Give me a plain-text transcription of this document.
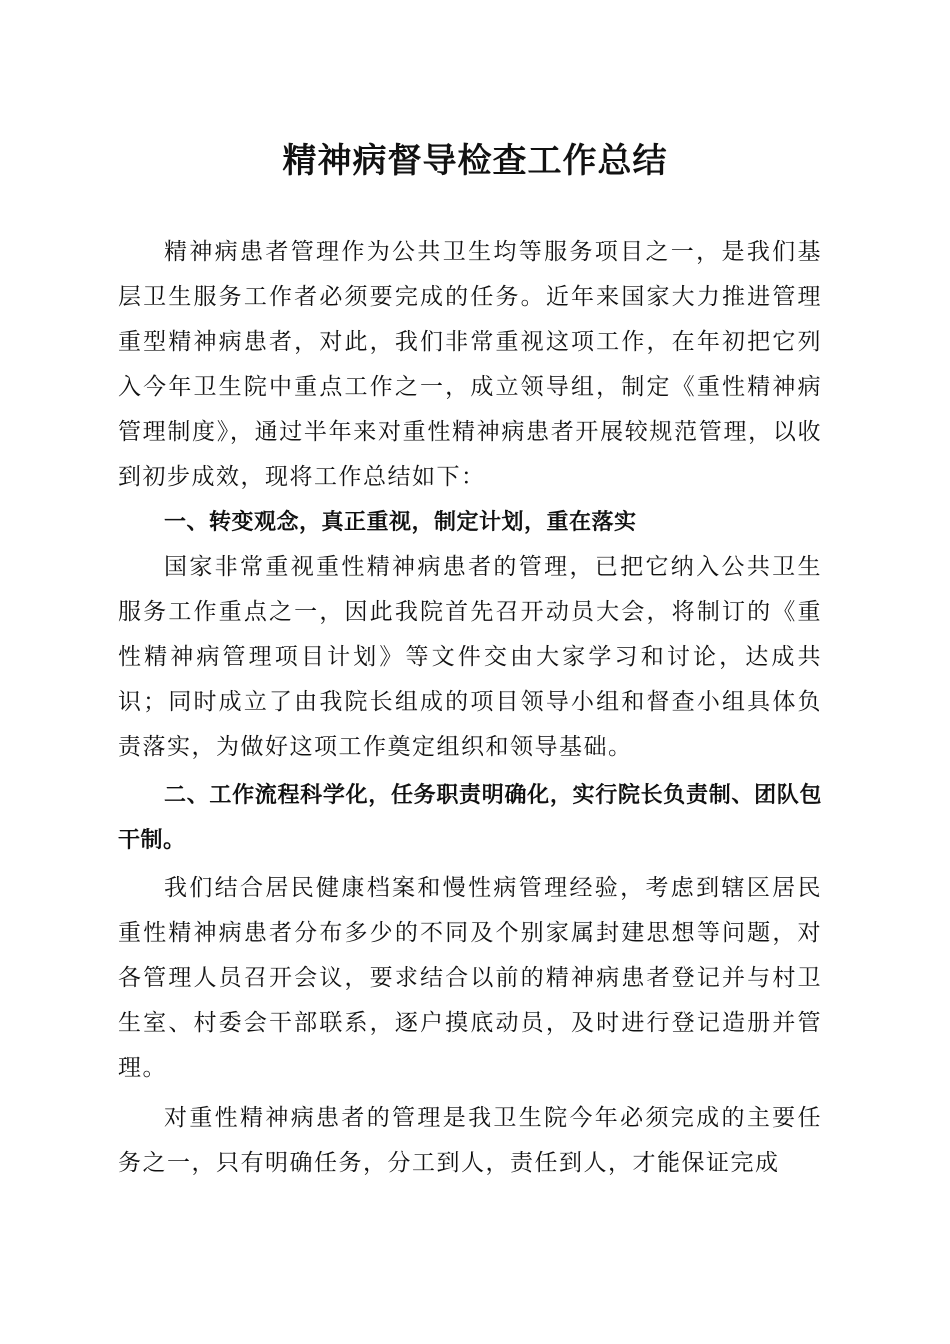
精神病督导检查工作总结

精神病患者管理作为公共卫生均等服务项目之一，是我们基层卫生服务工作者必须要完成的任务。近年来国家大力推进管理重型精神病患者，对此，我们非常重视这项工作，在年初把它列入今年卫生院中重点工作之一，成立领导组，制定《重性精神病管理制度》，通过半年来对重性精神病患者开展较规范管理，以收到初步成效，现将工作总结如下：

一、转变观念，真正重视，制定计划，重在落实

国家非常重视重性精神病患者的管理，已把它纳入公共卫生服务工作重点之一，因此我院首先召开动员大会，将制订的《重性精神病管理项目计划》等文件交由大家学习和讨论，达成共识；同时成立了由我院长组成的项目领导小组和督查小组具体负责落实，为做好这项工作奠定组织和领导基础。

二、工作流程科学化，任务职责明确化，实行院长负责制、团队包干制。

我们结合居民健康档案和慢性病管理经验，考虑到辖区居民重性精神病患者分布多少的不同及个别家属封建思想等问题，对各管理人员召开会议，要求结合以前的精神病患者登记并与村卫生室、村委会干部联系，逐户摸底动员，及时进行登记造册并管理。

对重性精神病患者的管理是我卫生院今年必须完成的主要任务之一，只有明确任务，分工到人，责任到人，才能保证完成
